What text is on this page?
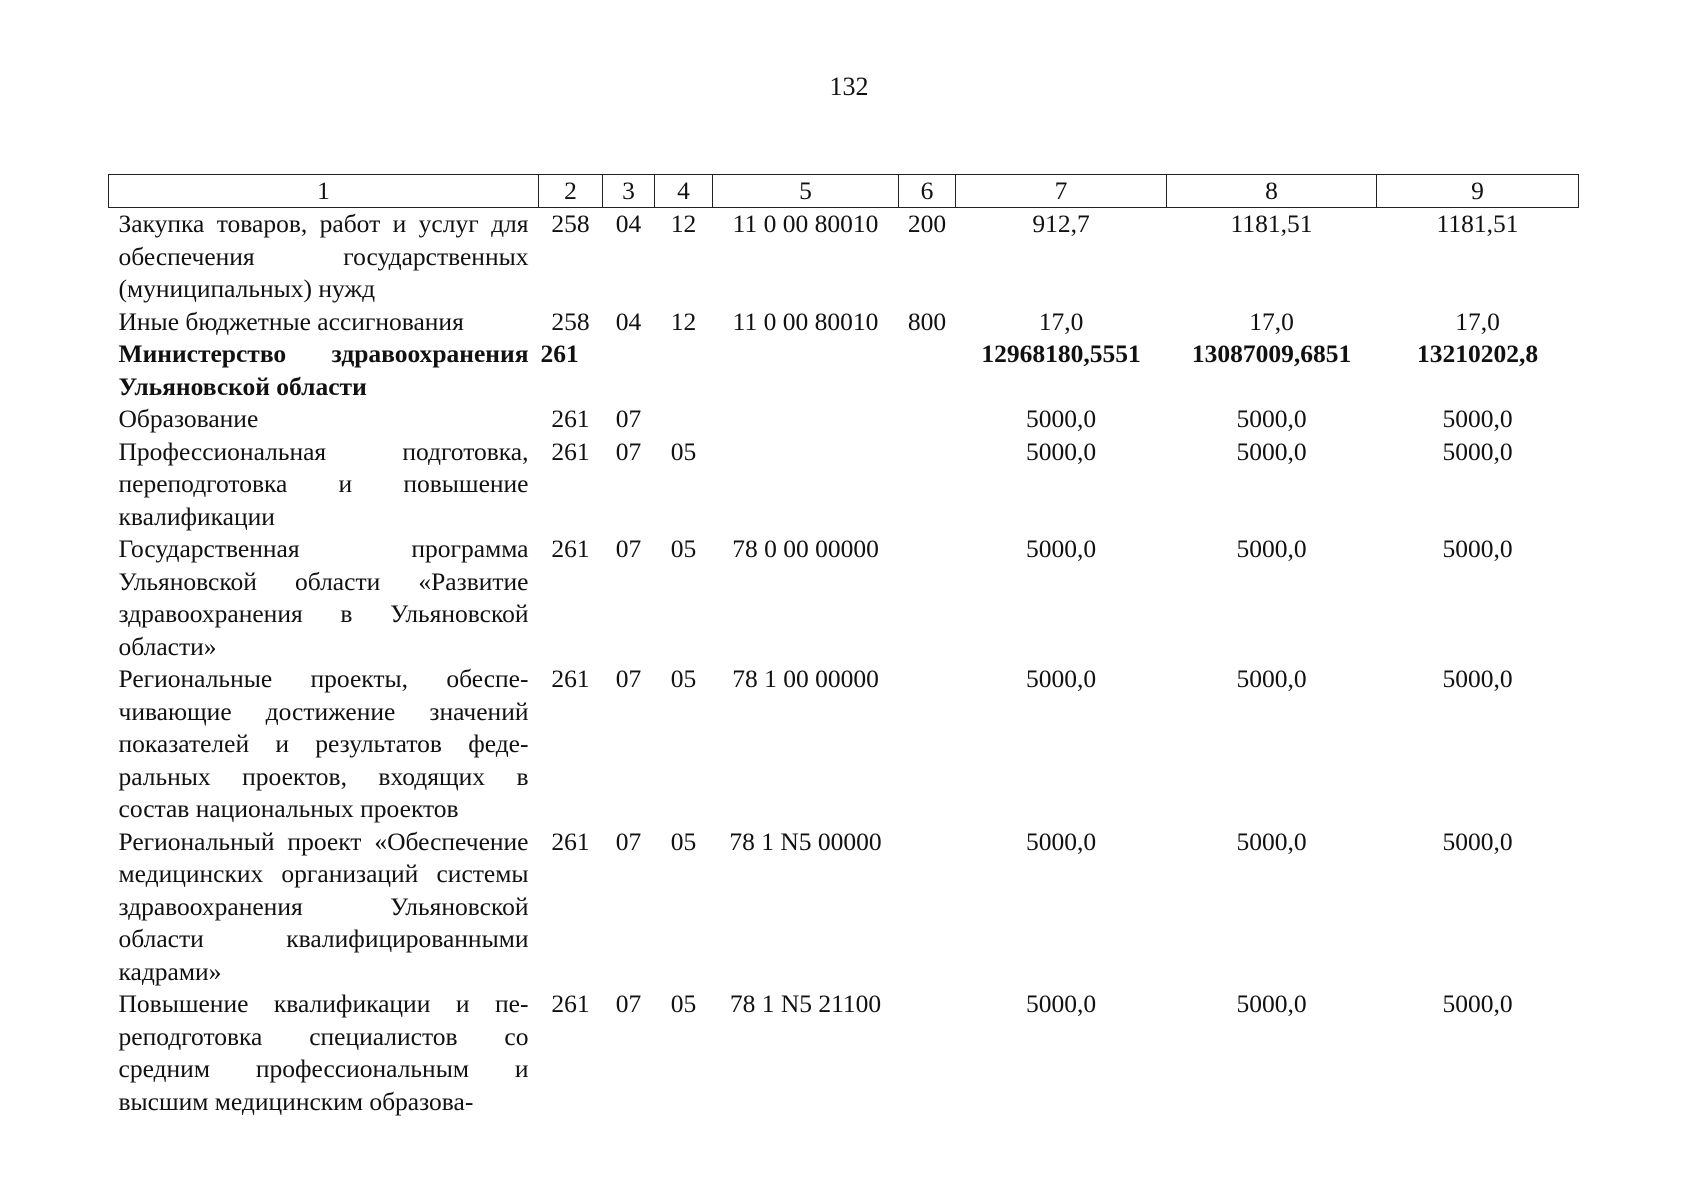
132
1	2	3	4	5	6	7	8	9
Закупка товаров, работ и услуг для обеспечения государственных (муниципальных) нужд	258	04	12	11 0 00 80010	200	912,7	1181,51	1181,51
Иные бюджетные ассигнования	258	04	12	11 0 00 80010	800	17,0	17,0	17,0
Министерство здравоохранения Ульяновской области	261					12968180,5551	13087009,6851	13210202,8
Образование	261	07				5000,0	5000,0	5000,0
Профессиональная подготовка, переподготовка и повышение квалификации	261	07	05			5000,0	5000,0	5000,0
Государственная программа Ульяновской области «Развитие здравоохранения в Ульяновской области»	261	07	05	78 0 00 00000		5000,0	5000,0	5000,0
Региональные проекты, обеспечивающие достижение значений показателей и результатов федеральных проектов, входящих в состав национальных проектов	261	07	05	78 1 00 00000		5000,0	5000,0	5000,0
Региональный проект «Обеспечение медицинских организаций системы здравоохранения Ульяновской области квалифицированными кадрами»	261	07	05	78 1 N5 00000		5000,0	5000,0	5000,0
Повышение квалификации и переподготовка специалистов со средним профессиональным и высшим медицинским образова-	261	07	05	78 1 N5 21100		5000,0	5000,0	5000,0
